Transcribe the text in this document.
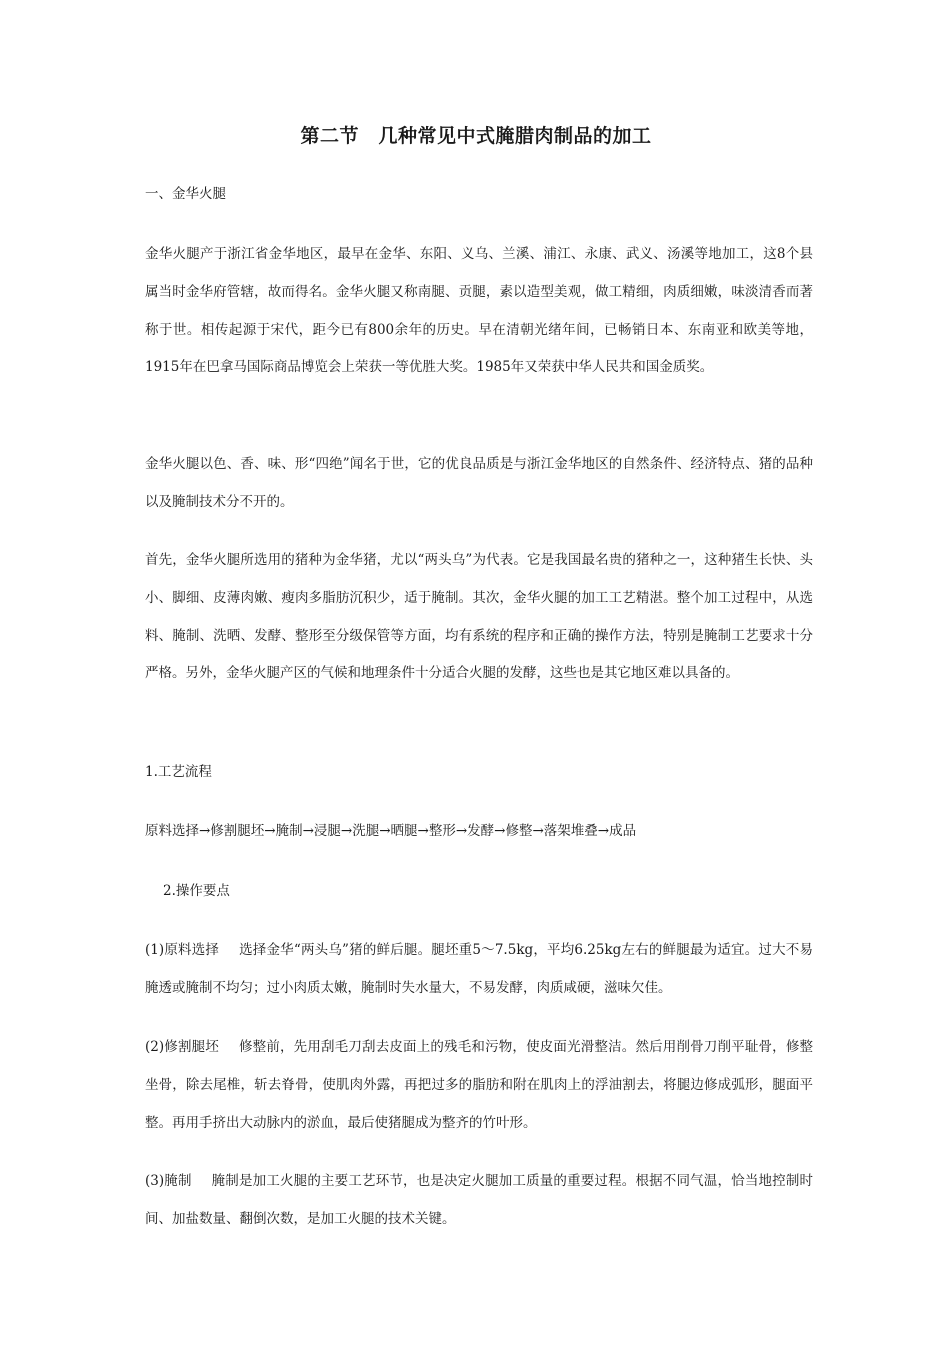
第二节　几种常见中式腌腊肉制品的加工
一、金华火腿
金华火腿产于浙江省金华地区，最早在金华、东阳、义乌、兰溪、浦江、永康、武义、汤溪等地加工，这8个县属当时金华府管辖，故而得名。金华火腿又称南腿、贡腿，素以造型美观，做工精细，肉质细嫩，味淡清香而著称于世。相传起源于宋代，距今已有800余年的历史。早在清朝光绪年间，已畅销日本、东南亚和欧美等地，1915年在巴拿马国际商品博览会上荣获一等优胜大奖。1985年又荣获中华人民共和国金质奖。
金华火腿以色、香、味、形“四绝”闻名于世，它的优良品质是与浙江金华地区的自然条件、经济特点、猪的品种以及腌制技术分不开的。
首先，金华火腿所选用的猪种为金华猪，尤以“两头乌”为代表。它是我国最名贵的猪种之一，这种猪生长快、头小、脚细、皮薄肉嫩、瘦肉多脂肪沉积少，适于腌制。其次，金华火腿的加工工艺精湛。整个加工过程中，从选料、腌制、洗晒、发酵、整形至分级保管等方面，均有系统的程序和正确的操作方法，特别是腌制工艺要求十分严格。另外，金华火腿产区的气候和地理条件十分适合火腿的发酵，这些也是其它地区难以具备的。
1.工艺流程
原料选择→修割腿坯→腌制→浸腿→洗腿→晒腿→整形→发酵→修整→落架堆叠→成品
2.操作要点
(1)原料选择 选择金华“两头乌”猪的鲜后腿。腿坯重5～7.5kg，平均6.25kg左右的鲜腿最为适宜。过大不易腌透或腌制不均匀；过小肉质太嫩，腌制时失水量大，不易发酵，肉质咸硬，滋味欠佳。
(2)修割腿坯 修整前，先用刮毛刀刮去皮面上的残毛和污物，使皮面光滑整洁。然后用削骨刀削平耻骨，修整坐骨，除去尾椎，斩去脊骨，使肌肉外露，再把过多的脂肪和附在肌肉上的浮油割去，将腿边修成弧形，腿面平整。再用手挤出大动脉内的淤血，最后使猪腿成为整齐的竹叶形。
(3)腌制 腌制是加工火腿的主要工艺环节，也是决定火腿加工质量的重要过程。根据不同气温，恰当地控制时间、加盐数量、翻倒次数，是加工火腿的技术关键。
